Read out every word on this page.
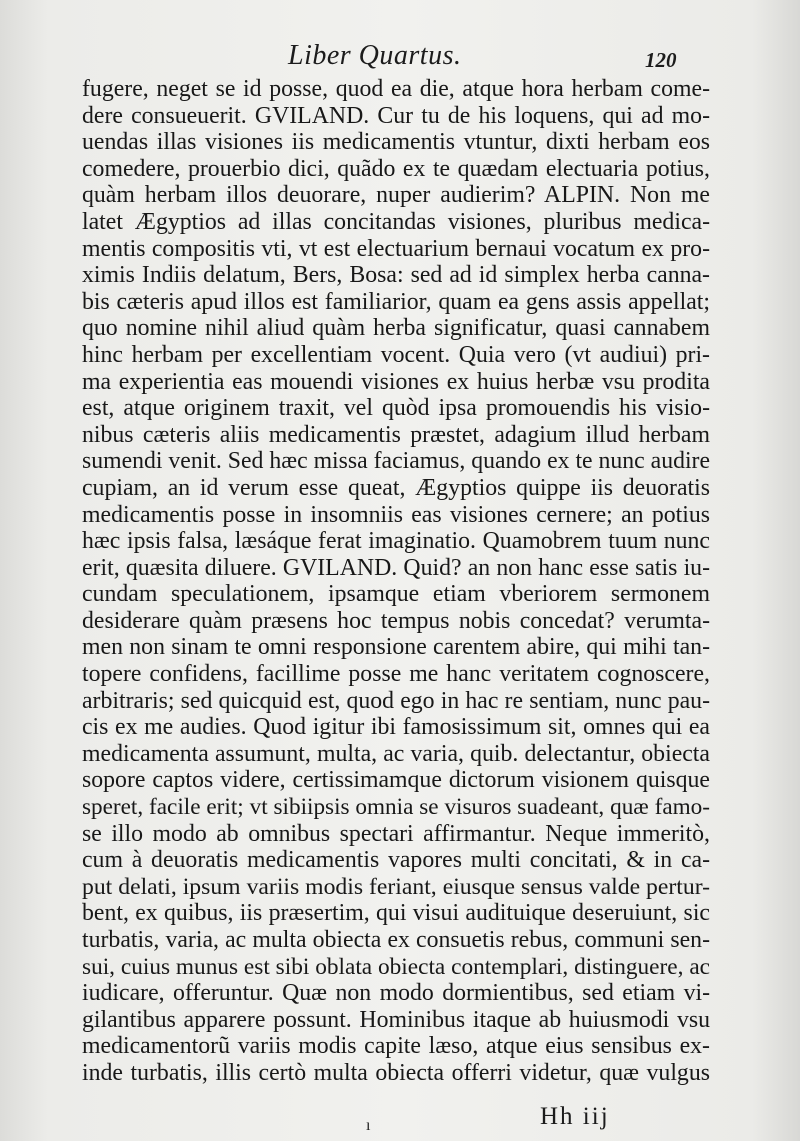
Liber Quartus.	120
fugere, neget se id posse, quod ea die, atque hora herbam come-
dere consueuerit. GVILAND. Cur tu de his loquens, qui ad mo-
uendas illas visiones iis medicamentis vtuntur, dixti herbam eos
comedere, prouerbio dici, quãdo ex te quædam electuaria potius,
quàm herbam illos deuorare, nuper audierim? ALPIN. Non me
latet Ægyptios ad illas concitandas visiones, pluribus medica-
mentis compositis vti, vt est electuarium bernaui vocatum ex pro-
ximis Indiis delatum, Bers, Bosa: sed ad id simplex herba canna-
bis cæteris apud illos est familiarior, quam ea gens assis appellat;
quo nomine nihil aliud quàm herba significatur, quasi cannabem
hinc herbam per excellentiam vocent. Quia vero (vt audiui) pri-
ma experientia eas mouendi visiones ex huius herbæ vsu prodita
est, atque originem traxit, vel quòd ipsa promouendis his visio-
nibus cæteris aliis medicamentis præstet, adagium illud herbam
sumendi venit. Sed hæc missa faciamus, quando ex te nunc audire
cupiam, an id verum esse queat, Ægyptios quippe iis deuoratis
medicamentis posse in insomniis eas visiones cernere; an potius
hæc ipsis falsa, læsáque ferat imaginatio. Quamobrem tuum nunc
erit, quæsita diluere. GVILAND. Quid? an non hanc esse satis iu-
cundam speculationem, ipsamque etiam vberiorem sermonem
desiderare quàm præsens hoc tempus nobis concedat? verumta-
men non sinam te omni responsione carentem abire, qui mihi tan-
topere confidens, facillime posse me hanc veritatem cognoscere,
arbitraris; sed quicquid est, quod ego in hac re sentiam, nunc pau-
cis ex me audies. Quod igitur ibi famosissimum sit, omnes qui ea
medicamenta assumunt, multa, ac varia, quib. delectantur, obiecta
sopore captos videre, certissimamque dictorum visionem quisque
speret, facile erit; vt sibiipsis omnia se visuros suadeant, quæ famo-
se illo modo ab omnibus spectari affirmantur. Neque immeritò,
cum à deuoratis medicamentis vapores multi concitati, & in ca-
put delati, ipsum variis modis feriant, eiusque sensus valde pertur-
bent, ex quibus, iis præsertim, qui visui audituique deseruiunt, sic
turbatis, varia, ac multa obiecta ex consuetis rebus, communi sen-
sui, cuius munus est sibi oblata obiecta contemplari, distinguere, ac
iudicare, offeruntur. Quæ non modo dormientibus, sed etiam vi-
gilantibus apparere possunt. Hominibus itaque ab huiusmodi vsu
medicamentorũ variis modis capite læso, atque eius sensibus ex-
inde turbatis, illis certò multa obiecta offerri videtur, quæ vulgus
ı	Hh iij
